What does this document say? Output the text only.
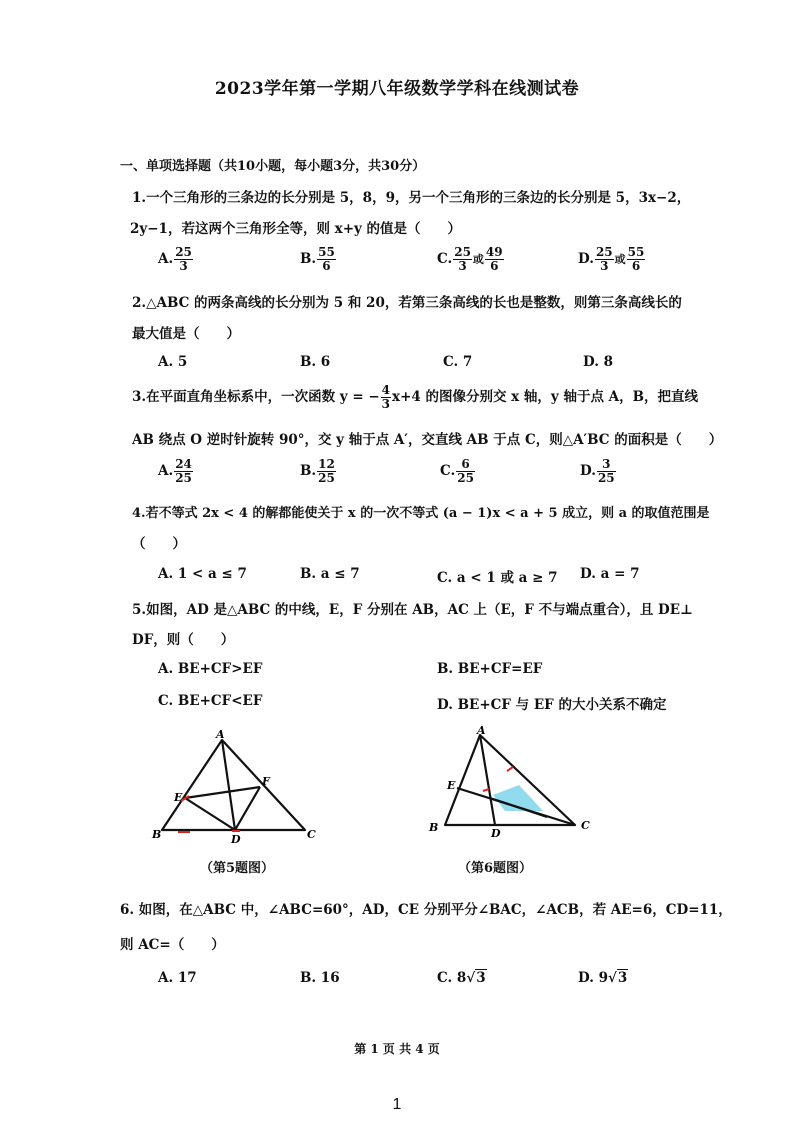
2023学年第一学期八年级数学学科在线测试卷
一、单项选择题（共10小题，每小题3分，共30分）
1.一个三角形的三条边的长分别是 5，8，9，另一个三角形的三条边的长分别是 5，3x−2，
2y−1，若这两个三角形全等，则 x+y 的值是（　　）
A. $\frac{25}{3}$	B. $\frac{55}{6}$	C. $\frac{25}{3}$ 或 $\frac{49}{6}$	D. $\frac{25}{3}$ 或 $\frac{55}{6}$
2.△ABC 的两条高线的长分别为 5 和 20，若第三条高线的长也是整数，则第三条高线长的
最大值是（　　）
A. 5	B. 6	C. 7	D. 8
3.在平面直角坐标系中，一次函数 y = − $\frac{4}{3} x+4$ 的图像分别交 x 轴，y 轴于点 A，B，把直线
AB 绕点 O 逆时针旋转 90°，交 y 轴于点 A′，交直线 AB 于点 C，则△A′BC 的面积是（　　）
A. $\frac{24}{25}$	B. $\frac{12}{25}$	C. $\frac{6}{25}$	D. $\frac{3}{25}$
4.若不等式 2x < 4 的解都能使关于 x 的一次不等式 (a − 1)x < a + 5 成立，则 a 的取值范围是
（　　）
A. 1 < a ≤ 7	B. a ≤ 7	C. a < 1 或 a ≥ 7 D. a = 7
5.如图，AD 是△ABC 的中线，E，F 分别在 AB，AC 上（E，F 不与端点重合），且 DE⊥
DF，则（　　）
A. BE+CF>EF	B. BE+CF=EF
C. BE+CF<EF	D. BE+CF 与 EF 的大小关系不确定
A
B	C
D
E
F
（第5题图）
A
B	C
D
E
（第6题图）
6. 如图，在△ABC 中，∠ABC=60°，AD，CE 分别平分∠BAC，∠ACB，若 AE=6，CD=11，
则 AC=（　　）
A. 17	B. 16	C. 8√3	D. 9√3
第 1 页 共 4 页
1
